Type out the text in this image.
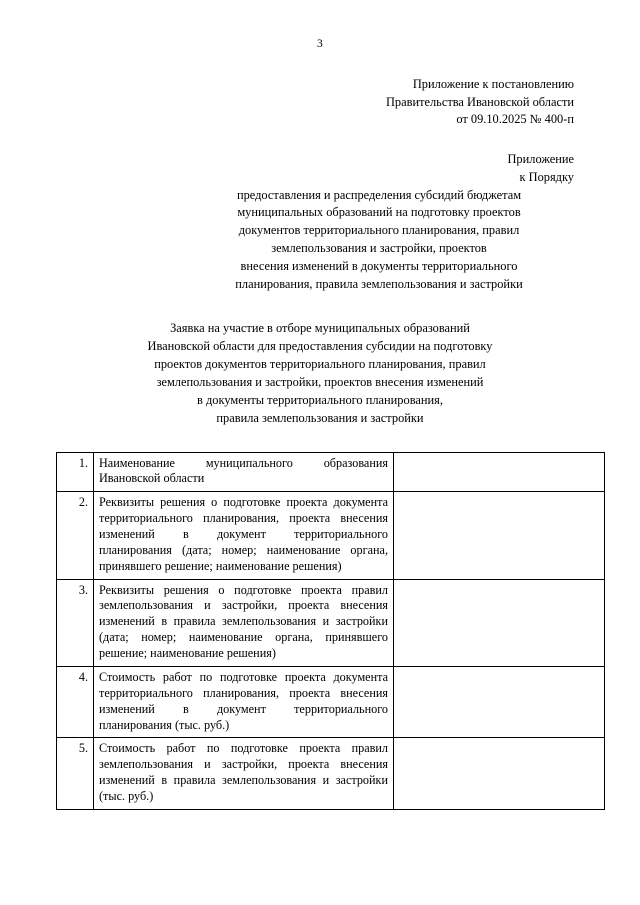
3
Приложение к постановлению
Правительства Ивановской области
от 09.10.2025 № 400-п
Приложение
к Порядку
предоставления и распределения субсидий бюджетам
муниципальных образований на подготовку проектов
документов территориального планирования, правил
землепользования и застройки, проектов
внесения изменений в документы территориального
планирования, правила землепользования и застройки
Заявка на участие в отборе муниципальных образований
Ивановской области для предоставления субсидии на подготовку
проектов документов территориального планирования, правил
землепользования и застройки, проектов внесения изменений
в документы территориального планирования,
правила землепользования и застройки
1.	Наименование муниципального образования Ивановской области	
2.	Реквизиты решения о подготовке проекта документа территориального планирования, проекта внесения изменений в документ территориального планирования (дата; номер; наименование органа, принявшего решение; наименование решения)	
3.	Реквизиты решения о подготовке проекта правил землепользования и застройки, проекта внесения изменений в правила землепользования и застройки (дата; номер; наименование органа, принявшего решение; наименование решения)	
4.	Стоимость работ по подготовке проекта документа территориального планирования, проекта внесения изменений в документ территориального планирования (тыс. руб.)	
5.	Стоимость работ по подготовке проекта правил землепользования и застройки, проекта внесения изменений в правила землепользования и застройки (тыс. руб.)	
